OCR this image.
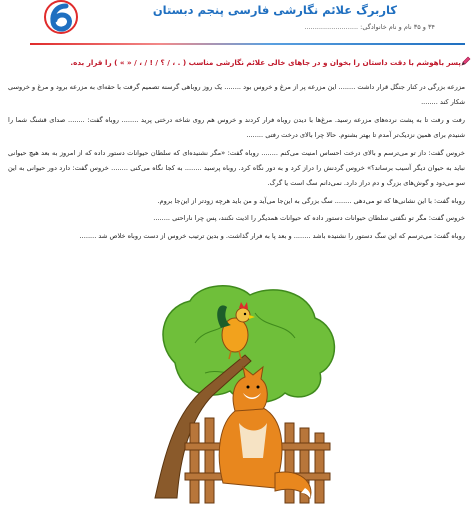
کاربرگ علائم نگارشی فارسی پنجم دبستان
۳۴ و ۳۵ نام و نام خانوادگی: ..........................
پسر باهوشم با دقت داستان را بخوان و در جاهای خالی علائم نگارشی مناسب ( . ، / ؟ / ! / ، / « » ) را قرار بده.

مزرعه بزرگی در کنار جنگل قرار داشت ........ این مزرعه پر از مرغ و خروس بود ........ یک روز روباهی گرسنه تصمیم گرفت با حقه‌ای به مزرعه برود و مرغ و خروسی شکار کند ........

رفت و رفت تا به پشت نرده‌های مزرعه رسید. مرغ‌ها با دیدن روباه فرار کردند و خروس هم روی شاخه درختی پرید ........ روباه گفت: ........ صدای قشنگ شما را شنیدم برای همین نزدیک‌تر آمدم تا بهتر بشنوم. حالا چرا بالای درخت رفتی ........

خروس گفت: داز تو می‌ترسم و بالای درخت احساس امنیت می‌کنم ........ روباه گفت: «مگر نشنیده‌ای که سلطان حیوانات دستور داده که از امروز به بعد هیچ حیوانی نباید به حیوان دیگر آسیب برساند؟» خروس گردنش را دراز کرد و به دور نگاه کرد. روباه پرسید ........ به کجا نگاه می‌کنی ........ خروس گفت: دارد دور حیوانی به این سو می‌دود و گوش‌های بزرگ و دم دراز دارد. نمی‌دانم سگ است یا گرگ.

روباه گفت: با این نشانی‌ها که تو می‌دهی ........ سگ بزرگی به این‌جا می‌آید و من باید هرچه زودتر از این‌جا بروم.

خروس گفت: مگر تو نگفتی سلطان حیوانات دستور داده که حیوانات همدیگر را اذیت نکنند، پس چرا ناراحتی ........

روباه گفت: می‌ترسم که این سگ دستور را نشنیده باشد ........ و بعد پا به فرار گذاشت. و بدین ترتیب خروس از دست روباه خلاص شد ........
